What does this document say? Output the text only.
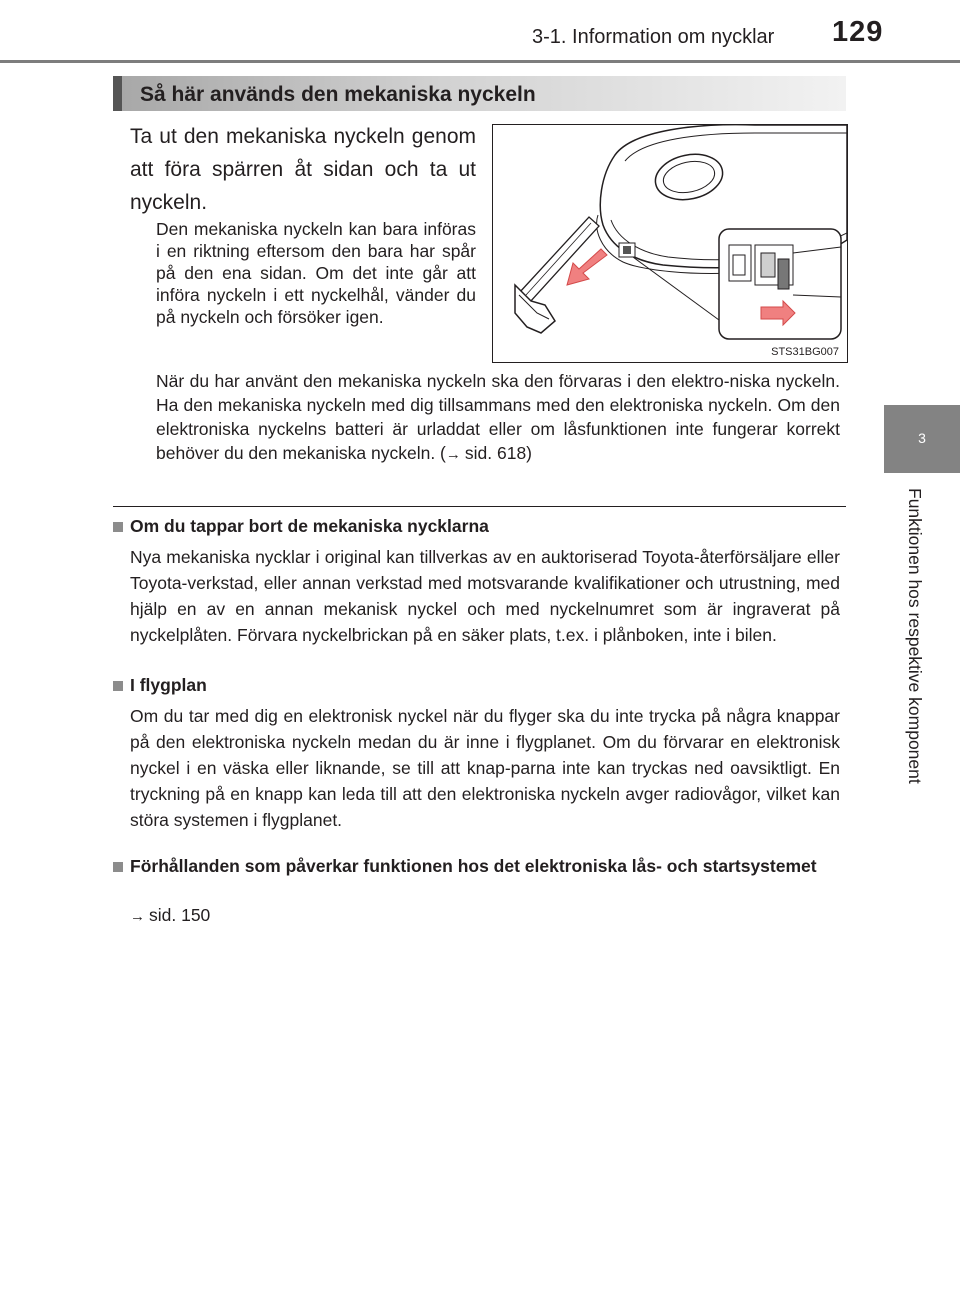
3-1. Information om nycklar 129
3
Funktionen hos respektive komponent
Så här används den mekaniska nyckeln
Ta ut den mekaniska nyckeln genom att föra spärren åt sidan och ta ut nyckeln.
Den mekaniska nyckeln kan bara införas i en riktning eftersom den bara har spår på den ena sidan. Om det inte går att införa nyckeln i ett nyckelhål, vänder du på nyckeln och försöker igen.
STS31BG007
När du har använt den mekaniska nyckeln ska den förvaras i den elektro-niska nyckeln. Ha den mekaniska nyckeln med dig tillsammans med den elektroniska nyckeln. Om den elektroniska nyckelns batteri är urladdat eller om låsfunktionen inte fungerar korrekt behöver du den mekaniska nyckeln. (→ sid. 618)
Om du tappar bort de mekaniska nycklarna
Nya mekaniska nycklar i original kan tillverkas av en auktoriserad Toyota-återförsäljare eller Toyota-verkstad, eller annan verkstad med motsvarande kvalifikationer och utrustning, med hjälp en av en annan mekanisk nyckel och med nyckelnumret som är ingraverat på nyckelplåten. Förvara nyckelbrickan på en säker plats, t.ex. i plånboken, inte i bilen.
I flygplan
Om du tar med dig en elektronisk nyckel när du flyger ska du inte trycka på några knappar på den elektroniska nyckeln medan du är inne i flygplanet. Om du förvarar en elektronisk nyckel i en väska eller liknande, se till att knap-parna inte kan tryckas ned oavsiktligt. En tryckning på en knapp kan leda till att den elektroniska nyckeln avger radiovågor, vilket kan störa systemen i flygplanet.
Förhållanden som påverkar funktionen hos det elektroniska lås- och startsystemet
→ sid. 150
